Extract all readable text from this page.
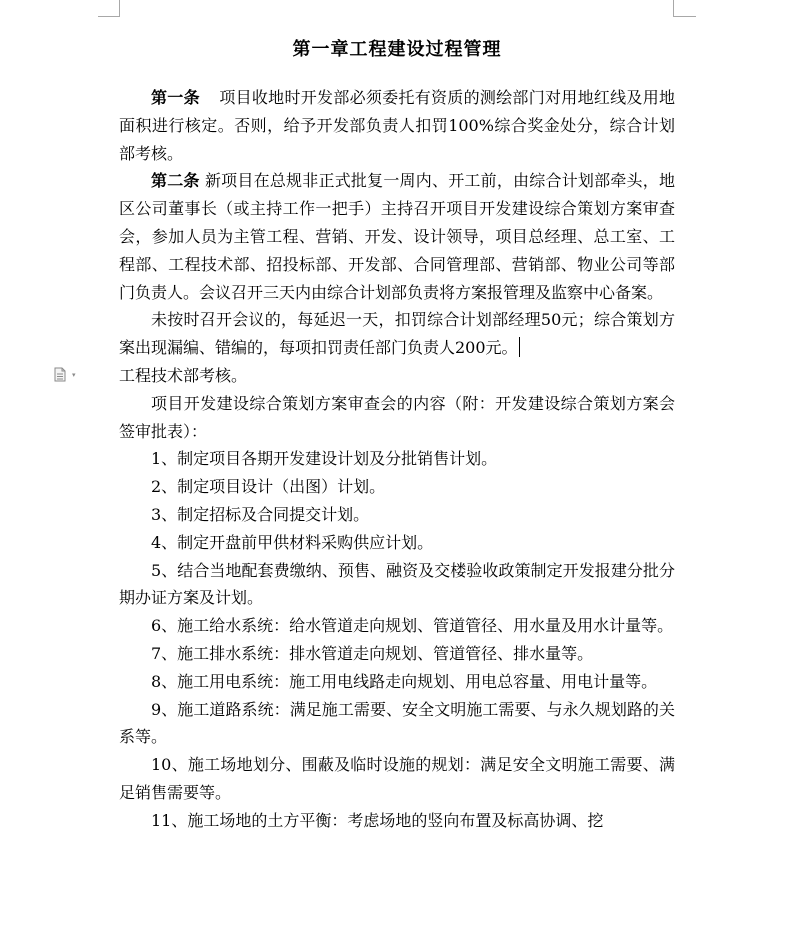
▾
第一章工程建设过程管理

第一条 项目收地时开发部必须委托有资质的测绘部门对用地红线及用地面积进行核定。否则，给予开发部负责人扣罚100%综合奖金处分，综合计划部考核。

第二条 新项目在总规非正式批复一周内、开工前，由综合计划部牵头，地区公司董事长（或主持工作一把手）主持召开项目开发建设综合策划方案审查会，参加人员为主管工程、营销、开发、设计领导，项目总经理、总工室、工程部、工程技术部、招投标部、开发部、合同管理部、营销部、物业公司等部门负责人。会议召开三天内由综合计划部负责将方案报管理及监察中心备案。

未按时召开会议的，每延迟一天，扣罚综合计划部经理50元；综合策划方案出现漏编、错编的，每项扣罚责任部门负责人200元。

工程技术部考核。

项目开发建设综合策划方案审查会的内容（附：开发建设综合策划方案会签审批表）：

1、制定项目各期开发建设计划及分批销售计划。

2、制定项目设计（出图）计划。

3、制定招标及合同提交计划。

4、制定开盘前甲供材料采购供应计划。

5、结合当地配套费缴纳、预售、融资及交楼验收政策制定开发报建分批分期办证方案及计划。

6、施工给水系统：给水管道走向规划、管道管径、用水量及用水计量等。

7、施工排水系统：排水管道走向规划、管道管径、排水量等。

8、施工用电系统：施工用电线路走向规划、用电总容量、用电计量等。

9、施工道路系统：满足施工需要、安全文明施工需要、与永久规划路的关系等。

10、施工场地划分、围蔽及临时设施的规划：满足安全文明施工需要、满足销售需要等。

11、施工场地的土方平衡：考虑场地的竖向布置及标高协调、挖
